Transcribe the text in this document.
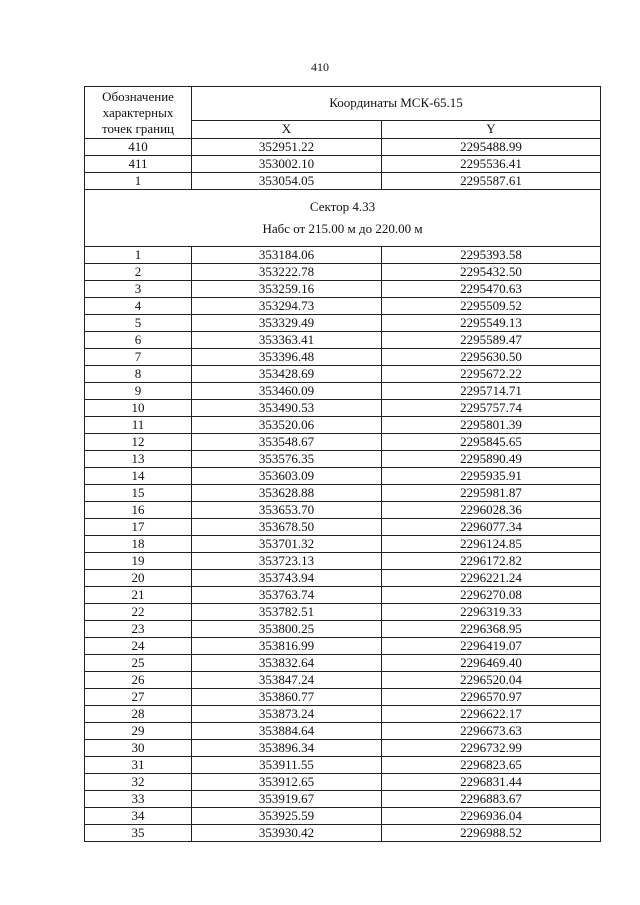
410
Обозначение
характерных
точек границ	Координаты МСК-65.15	
	X	Y
410	352951.22	2295488.99
411	353002.10	2295536.41
1	353054.05	2295587.61

Сектор 4.33
Набс от 215.00 м до 220.00 м		

1	353184.06	2295393.58
2	353222.78	2295432.50
3	353259.16	2295470.63
4	353294.73	2295509.52
5	353329.49	2295549.13
6	353363.41	2295589.47
7	353396.48	2295630.50
8	353428.69	2295672.22
9	353460.09	2295714.71
10	353490.53	2295757.74
11	353520.06	2295801.39
12	353548.67	2295845.65
13	353576.35	2295890.49
14	353603.09	2295935.91
15	353628.88	2295981.87
16	353653.70	2296028.36
17	353678.50	2296077.34
18	353701.32	2296124.85
19	353723.13	2296172.82
20	353743.94	2296221.24
21	353763.74	2296270.08
22	353782.51	2296319.33
23	353800.25	2296368.95
24	353816.99	2296419.07
25	353832.64	2296469.40
26	353847.24	2296520.04
27	353860.77	2296570.97
28	353873.24	2296622.17
29	353884.64	2296673.63
30	353896.34	2296732.99
31	353911.55	2296823.65
32	353912.65	2296831.44
33	353919.67	2296883.67
34	353925.59	2296936.04
35	353930.42	2296988.52
